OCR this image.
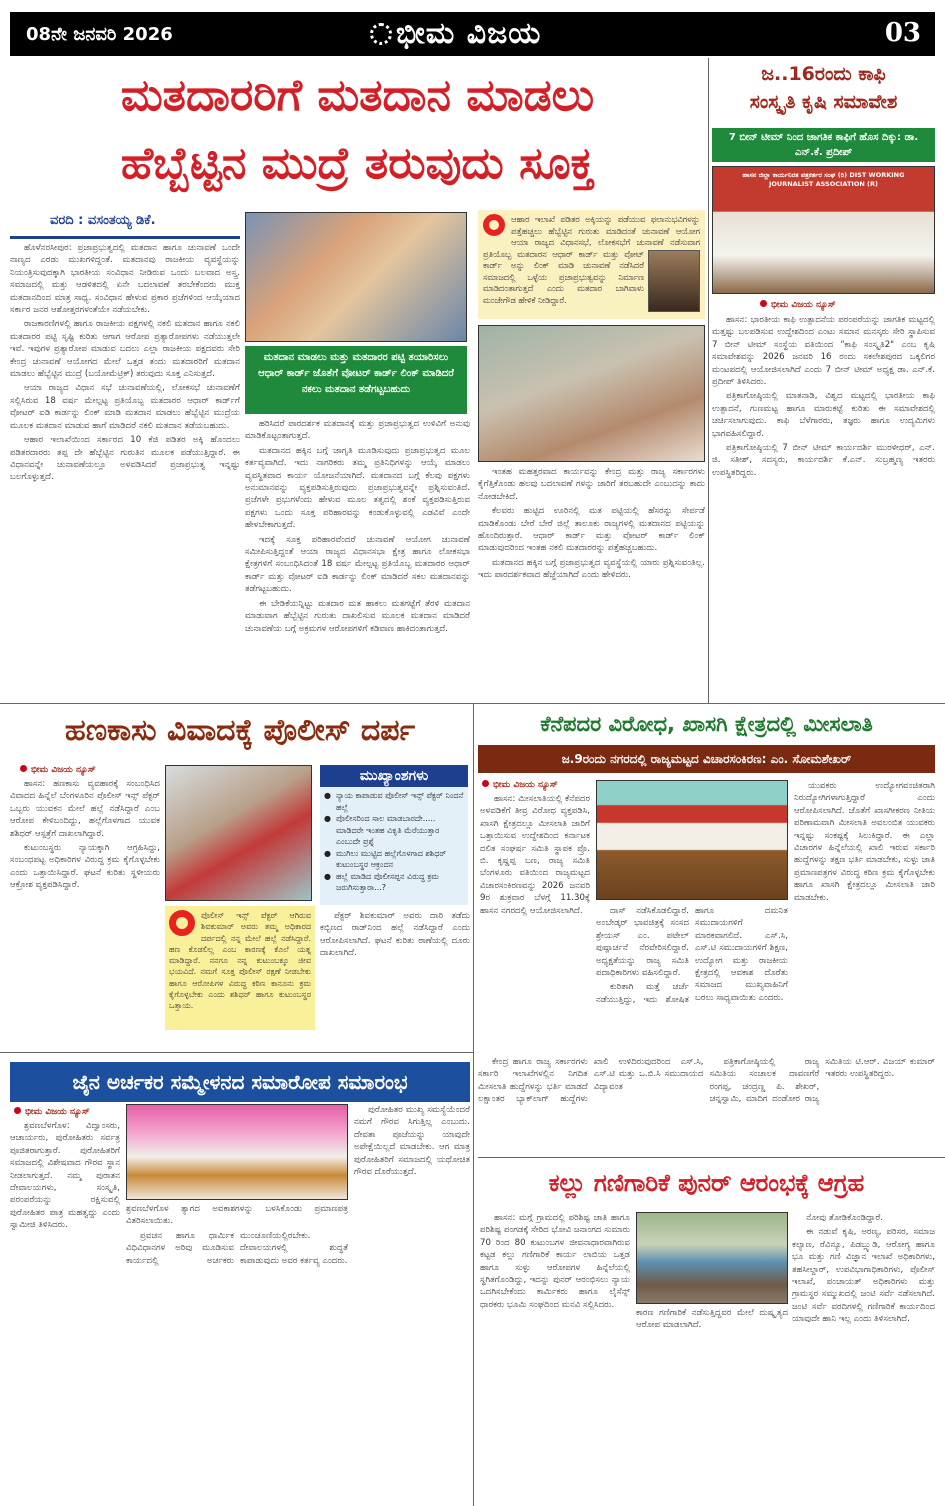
08ನೇ ಜನವರಿ 2026	ಭೀಮ ವಿಜಯ	03
ಮತದಾರರಿಗೆ ಮತದಾನ ಮಾಡಲು
ಹೆಬ್ಬೆಟ್ಟಿನ ಮುದ್ರೆ ತರುವುದು ಸೂಕ್ತ
ವರದಿ : ವಸಂತಯ್ಯ ಡಿಕೆ.

ಹೊಳೆನರಸೀಪುರ: ಪ್ರಜಾಪ್ರಭುತ್ವದಲ್ಲಿ ಮತದಾನ ಹಾಗೂ ಚುನಾವಣೆ ಒಂದೇ ನಾಣ್ಯದ ಎರಡು ಮುಖಗಳಿದ್ದಂತೆ. ಮತದಾನವು ರಾಜಕೀಯ ವ್ಯವಸ್ಥೆಯನ್ನು ನಿಯಂತ್ರಿಸುವುದಕ್ಕಾಗಿ ಭಾರತೀಯ ಸಂವಿಧಾನ ನೀಡಿರುವ ಒಂದು ಬಲವಾದ ಅಸ್ತ್ರ. ಸಮಾಜದಲ್ಲಿ ಮತ್ತು ಆಡಳಿತದಲ್ಲಿ ಏನೇ ಬದಲಾವಣೆ ತರಬೇಕೆಂದರು ಮುಕ್ತ ಮತದಾನದಿಂದ ಮಾತ್ರ ಸಾಧ್ಯ. ಸಂವಿಧಾನ ಹೇಳುವ ಪ್ರಕಾರ ಪ್ರಜೆಗಳಿಂದ ಆಯ್ಕೆಯಾದ ಸರ್ಕಾರ ಜನರ ಆಶೋತ್ತರಗಳಂತೆಯೇ ನಡೆಯಬೇಕು.

ರಾಜಕಾರಣಿಗಳಲ್ಲಿ ಹಾಗೂ ರಾಜಕೀಯ ಪಕ್ಷಗಳಲ್ಲಿ ನಕಲಿ ಮತದಾನ ಹಾಗೂ ನಕಲಿ ಮತದಾರರ ಪಟ್ಟಿ ಸೃಷ್ಟಿ ಕುರಿತು ಆಗಾಗ ಆರೋಪ ಪ್ರತ್ಯಾರೋಪಗಳು ನಡೆಯುತ್ತಲೇ ಇವೆ. ಇವುಗಳ ಪ್ರತ್ಯಾರೋಪ ಮಾಡುವ ಬದಲು ಎಲ್ಲಾ ರಾಜಕೀಯ ಪಕ್ಷದವರು ಸೇರಿ ಕೇಂದ್ರ ಚುನಾವಣೆ ಆಯೋಗದ ಮೇಲೆ ಒತ್ತಡ ತಂದು ಮತದಾರರಿಗೆ ಮತದಾನ ಮಾಡಲು ಹೆಬ್ಬೆಟ್ಟಿನ ಮುದ್ರೆ (ಬಯೋಮೆಟ್ರಿಕ್) ತರುವುದು ಸೂಕ್ತ ಎನಿಸುತ್ತದೆ.

ಆಯಾ ರಾಜ್ಯದ ವಿಧಾನ ಸಭೆ ಚುನಾವಣೆಯಲ್ಲಿ, ಲೋಕಸಭೆ ಚುನಾವಣೆಗೆ ಸಲ್ಲಿಸಿರುವ 18 ವರ್ಷ ಮೇಲ್ಪಟ್ಟ ಪ್ರತಿಯೊಬ್ಬ ಮತದಾರರ ಆಧಾರ್ ಕಾರ್ಡ್‌ಗೆ ವೋಟರ್ ಐಡಿ ಕಾರ್ಡನ್ನು ಲಿಂಕ್ ಮಾಡಿ ಮತದಾನ ಮಾಡಲು ಹೆಬ್ಬೆಟ್ಟಿನ ಮುದ್ರೆಯ ಮೂಲಕ ಮತದಾನ ಮಾಡುವ ಹಾಗೆ ಮಾಡಿದರೆ ನಕಲಿ ಮತದಾನ ತಡೆಯಬಹುದು.

ಆಹಾರ ಇಲಾಖೆಯಿಂದ ಸರ್ಕಾರದ 10 ಕೆಜಿ ಪಡಿತರ ಅಕ್ಕಿ ಹೊಂದಲು ಪಡಿತರದಾರರು ತಪ್ಪ ದೇ ಹೆಬ್ಬೆಟ್ಟಿನ ಗುರುತಿನ ಮೂಲಕ ಪಡೆಯುತ್ತಿದ್ದಾರೆ. ಈ ವಿಧಾನವನ್ನೇ ಚುನಾವಣೆಯಲ್ಲೂ ಅಳವಡಿಸಿದರೆ ಪ್ರಜಾಪ್ರಭುತ್ವ ಇನ್ನಷ್ಟು ಬಲಗೊಳ್ಳುತ್ತದೆ.

ಮತದಾನ ಮಾಡಲು ಮತ್ತು ಮತದಾರರ ಪಟ್ಟಿ ತಯಾರಿಸಲು ಆಧಾರ್ ಕಾರ್ಡ್ ಜೊತೆಗೆ ವೋಟರ್ ಕಾರ್ಡ್ ಲಿಂಕ್ ಮಾಡಿದರೆ ನಕಲು ಮತದಾನ ತಡೆಗಟ್ಟಬಹುದು

ಹರಿಸಿದರೆ ಪಾರದರ್ಶಕ ಮತದಾನಕ್ಕೆ ಮತ್ತು ಪ್ರಜಾಪ್ರಭುತ್ವದ ಉಳಿವಿಗೆ ಅನುವು ಮಾಡಿಕೊಟ್ಟಂತಾಗುತ್ತದೆ.

ಮತದಾನದ ಹಕ್ಕಿನ ಬಗ್ಗೆ ಜಾಗೃತಿ ಮೂಡಿಸುವುದು ಪ್ರಜಾಪ್ರಭುತ್ವದ ಮೂಲ ಕರ್ತವ್ಯವಾಗಿದೆ. ಇದು ನಾಗರಿಕರು ತಮ್ಮ ಪ್ರತಿನಿಧಿಗಳನ್ನು ಆಯ್ಕೆ ಮಾಡಲು ವ್ಯವಸ್ಥಿತವಾದ ಕಾರ್ಯ ಯೋಜನೆಯಾಗಿದೆ. ಮತದಾನದ ಬಗ್ಗೆ ಕೆಲವು ಪಕ್ಷಗಳು ಅನುಮಾನವನ್ನು ವ್ಯಕ್ತಪಡಿಸುತ್ತಿರುವುದು ಪ್ರಜಾಪ್ರಭುತ್ವವನ್ನೇ ಪ್ರಶ್ನಿಸುವಂತಿದೆ. ಪ್ರಜೆಗಳೇ ಪ್ರಭುಗಳೆಂದು ಹೇಳುವ ಮೂಲ ತತ್ವದಲ್ಲಿ ಶಂಕೆ ವ್ಯಕ್ತಪಡಿಸುತ್ತಿರುವ ಪಕ್ಷಗಳು ಒಂದು ಸೂಕ್ತ ಪರಿಹಾರವನ್ನು ಕಂಡುಕೊಳ್ಳುವಲ್ಲಿ ಎಡವಿವೆ ಎಂದೇ ಹೇಳಬೇಕಾಗುತ್ತದೆ.

ಇದಕ್ಕೆ ಸೂಕ್ತ ಪರಿಹಾರವೆಂದರೆ ಚುನಾವಣೆ ಆಯೋಗ ಚುನಾವಣೆ ಸಮೀಪಿಸುತ್ತಿದ್ದಂತೆ ಆಯಾ ರಾಜ್ಯದ ವಿಧಾನಸಭಾ ಕ್ಷೇತ್ರ ಹಾಗೂ ಲೋಕಸಭಾ ಕ್ಷೇತ್ರಗಳಿಗೆ ಸಂಬಂಧಿಸಿದಂತೆ 18 ವರ್ಷ ಮೇಲ್ಪಟ್ಟ ಪ್ರತಿಯೊಬ್ಬ ಮತದಾರರ ಆಧಾರ್ ಕಾರ್ಡ್ ಮತ್ತು ವೋಟರ್ ಐಡಿ ಕಾರ್ಡನ್ನು ಲಿಂಕ್ ಮಾಡಿದರೆ ಸಕಲ ಮತದಾನವನ್ನು ತಡೆಗಟ್ಟಬಹುದು.

ಈ ಬೇಡಿಕೆಯನ್ನಿಟ್ಟು ಮತದಾರ ಮತ ಹಾಕಲು ಮತಗಟ್ಟೆಗೆ ತೆರಳಿ ಮತದಾನ ಮಾಡುವಾಗ ಹೆಬ್ಬೆಟ್ಟಿನ ಗುರುತು ದಾಖಲಿಸುವ ಮೂಲಕ ಮತದಾನ ಮಾಡಿದರೆ ಚುನಾವಣೆಯ ಬಗ್ಗೆ ಅಕ್ರಮಗಳ ಆರೋಪಗಳಿಗೆ ಕಡಿವಾಣ ಹಾಕಿದಂತಾಗುತ್ತದೆ.

ಆಹಾರ ಇಲಾಖೆ ಪಡಿತರ ಅಕ್ಕಿಯನ್ನು ಪಡೆಯುವ ಫಲಾನುಭವಿಗಳನ್ನು ಪತ್ತೆಹಚ್ಚಲು ಹೆಬ್ಬೆಟ್ಟಿನ ಗುರುತು ಮಾಡಿದಂತೆ ಚುನಾವಣೆ ಆಯೋಗ ಆಯಾ ರಾಜ್ಯದ ವಿಧಾನಸಭೆ, ಲೋಕಸಭೆಗೆ ಚುನಾವಣೆ ನಡೆಸುವಾಗ ಪ್ರತಿಯೊಬ್ಬ ಮತದಾರನ ಆಧಾರ್ ಕಾರ್ಡ್ ಮತ್ತು ವೋಟ್ ಕಾರ್ಡ್ ಅನ್ನು ಲಿಂಕ್ ಮಾಡಿ ಚುನಾವಣೆ ನಡೆಸಿದರೆ ಸಮಾಜದಲ್ಲಿ ಒಳ್ಳೆಯ ಪ್ರಜಾಪ್ರಭುತ್ವವನ್ನು ನಿರ್ಮಾಣ ಮಾಡಿದಂತಾಗುತ್ತದೆ ಎಂದು ಮತದಾರ ಬಾಗಿವಾಳು ಮಂಜೇಗೌಡ ಹೇಳಿಕೆ ನೀಡಿದ್ದಾರೆ.

ಇಂತಹ ಮಹತ್ತರವಾದ ಕಾರ್ಯವನ್ನು ಕೇಂದ್ರ ಮತ್ತು ರಾಜ್ಯ ಸರ್ಕಾರಗಳು ಕೈಗೆತ್ತಿಕೊಂಡು ಹಲವು ಬದಲಾವಣೆ ಗಳನ್ನು ಜಾರಿಗೆ ತರಬಹುದೇ ಎಂಬುದನ್ನು ಕಾದು ನೋಡಬೇಕಿದೆ.

ಕೆಲವರು ಹುಟ್ಟಿದ ಊರಿನಲ್ಲಿ ಮತ ಪಟ್ಟಿಯಲ್ಲಿ ಹೆಸರನ್ನು ಸೇರ್ಪಡೆ ಮಾಡಿಕೊಂಡು ಬೇರೆ ಬೇರೆ ಜಿಲ್ಲೆ ತಾಲೂಕು ರಾಜ್ಯಗಳಲ್ಲಿ ಮತದಾನದ ಪಟ್ಟಿಯನ್ನು ಹೊಂದಿರುತ್ತಾರೆ. ಆಧಾರ್ ಕಾರ್ಡ್ ಮತ್ತು ವೋಟರ್ ಕಾರ್ಡ್ ಲಿಂಕ್ ಮಾಡುವುದರಿಂದ ಇಂತಹ ನಕಲಿ ಮತದಾರರನ್ನು ಪತ್ತೆಹಚ್ಚಬಹುದು.

ಮತದಾನದ ಹಕ್ಕಿನ ಬಗ್ಗೆ ಪ್ರಜಾಪ್ರಭುತ್ವದ ವ್ಯವಸ್ಥೆಯಲ್ಲಿ ಯಾರು ಪ್ರಶ್ನಿಸುವಂತಿಲ್ಲ. ಇದು ಪಾರದರ್ಶಕವಾದ ಹೆಜ್ಜೆಯಾಗಿದೆ ಎಂದು ಹೇಳಿದರು.

ಜ..16ರಂದು ಕಾಫಿ
ಸಂಸ್ಕೃತಿ ಕೃಷಿ ಸಮಾವೇಶ
7 ಬೀನ್ ಟೀಮ್ ನಿಂದ ಜಾಗತಿಕ ಕಾಫಿಗೆ ಹೊಸ ದಿಕ್ಕು: ಡಾ. ಎನ್.ಕೆ. ಪ್ರದೀಪ್
ಹಾಸನ ಜಿಲ್ಲಾ ಕಾರ್ಯನಿರತ ಪತ್ರಕರ್ತರ ಸಂಘ (ರಿ) DIST WORKING JOURNALIST ASSOCIATION (R)
ಭೀಮ ವಿಜಯ ನ್ಯೂಸ್

ಹಾಸನ: ಭಾರತೀಯ ಕಾಫಿ ಉತ್ಪಾದನೆಯ ಪರಂಪರೆಯನ್ನು ಜಾಗತಿಕ ಮಟ್ಟದಲ್ಲಿ ಮತ್ತಷ್ಟು ಬಲಪಡಿಸುವ ಉದ್ದೇಶದಿಂದ ಎಂಟು ಸಮಾನ ಮನಸ್ಕರು ಸೇರಿ ಸ್ಥಾಪಿಸುವ 7 ಬೀನ್ ಟೀಮ್ ಸಂಸ್ಥೆಯ ವತಿಯಿಂದ "ಕಾಫಿ ಸಂಸ್ಕೃತಿ2" ಎಂಬ ಕೃಷಿ ಸಮಾವೇಶವನ್ನು 2026 ಜನವರಿ 16 ರಂದು ಸಕಲೇಶಪುರದ ಒಕ್ಕಲಿಗರ ಮಂಟಪದಲ್ಲಿ ಆಯೋಜಿಸಲಾಗಿದೆ ಎಂದು 7 ಬೀನ್ ಟೀಮ್ ಅಧ್ಯಕ್ಷ ಡಾ. ಎನ್.ಕೆ. ಪ್ರದೀಪ್ ತಿಳಿಸಿದರು.

ಪತ್ರಿಕಾಗೋಷ್ಠಿಯಲ್ಲಿ ಮಾತನಾಡಿ, ವಿಶ್ವದ ಮಟ್ಟದಲ್ಲಿ ಭಾರತೀಯ ಕಾಫಿ ಉತ್ಪಾದನೆ, ಗುಣಮಟ್ಟ ಹಾಗೂ ಮಾರುಕಟ್ಟೆ ಕುರಿತು ಈ ಸಮಾವೇಶದಲ್ಲಿ ಚರ್ಚಿಸಲಾಗುವುದು. ಕಾಫಿ ಬೆಳೆಗಾರರು, ತಜ್ಞರು ಹಾಗೂ ಉದ್ಯಮಿಗಳು ಭಾಗವಹಿಸಲಿದ್ದಾರೆ.

ಪತ್ರಿಕಾಗೋಷ್ಠಿಯಲ್ಲಿ 7 ಬೀನ್ ಟೀಮ್ ಕಾರ್ಯದರ್ಶಿ ಮುರಳೀಧರ್, ಎನ್. ಜಿ. ಸತೀಶ್, ಸದಸ್ಯರು, ಕಾರ್ಯದರ್ಶಿ ಕೆ.ಎನ್. ಸುಬ್ರಹ್ಮಣ್ಯ ಇತರರು ಉಪಸ್ಥಿತರಿದ್ದರು.

ಹಣಕಾಸು ವಿವಾದಕ್ಕೆ ಪೊಲೀಸ್ ದರ್ಪ
ಭೀಮ ವಿಜಯ ನ್ಯೂಸ್

ಹಾಸನ: ಹಣಕಾಸು ವ್ಯವಹಾರಕ್ಕೆ ಸಂಬಂಧಿಸಿದ ವಿವಾದದ ಹಿನ್ನೆಲೆ ಬೆಂಗಳೂರಿನ ಪೊಲೀಸ್ ಇನ್ಸ್ ಪೆಕ್ಟರ್ ಒಬ್ಬರು ಯುವಕನ ಮೇಲೆ ಹಲ್ಲೆ ನಡೆಸಿದ್ದಾರೆ ಎಂಬ ಆರೋಪ ಕೇಳಿಬಂದಿದ್ದು, ಹಲ್ಲೆಗೊಳಗಾದ ಯುವಕ ಶಶಿಧರ್ ಆಸ್ಪತ್ರೆಗೆ ದಾಖಲಾಗಿದ್ದಾರೆ.

ಕುಟುಂಬಸ್ಥರು ನ್ಯಾಯಕ್ಕಾಗಿ ಆಗ್ರಹಿಸಿದ್ದು, ಸಂಬಂಧಪಟ್ಟ ಅಧಿಕಾರಿಗಳ ವಿರುದ್ಧ ಕ್ರಮ ಕೈಗೊಳ್ಳಬೇಕು ಎಂದು ಒತ್ತಾಯಿಸಿದ್ದಾರೆ. ಘಟನೆ ಕುರಿತು ಸ್ಥಳೀಯರು ಆಕ್ರೋಶ ವ್ಯಕ್ತಪಡಿಸಿದ್ದಾರೆ.

ಮುಖ್ಯಾಂಶಗಳು
● ನ್ಯಾಯ ಕಾಪಾಡುವ ಪೊಲೀಸ್ ಇನ್ಸ್ ಪೆಕ್ಟರ್ ನಿಂದನೆ ಹಲ್ಲೆ
● ಪೊಲೀಸರಿಂದ ಸಾಲ ಮಾಡಬಾರದೇ..... ಮಾಡಿದರೇ ಇಂತಹ ವಿಕೃತಿ ಮೆರೆಯುತ್ತಾರ ಎಂಬುದೇ ಪ್ರಶ್ನೆ
● ಮುಗಿಲು ಮುಟ್ಟಿದ ಹಲ್ಲೆಗೊಳಗಾದ ಶಶಿಧರ್ ಕುಟುಂಬಸ್ಥರ ಆಕ್ರಂದನ
● ಹಲ್ಲೆ ಮಾಡಿದ ಪೊಲೀಸಪ್ಪನ ವಿರುದ್ಧ ಕ್ರಮ ಜರುಗಿಸುತ್ತಾರಾ...?
ಪೊಲೀಸ್ ಇನ್ಸ್ ಪೆಕ್ಟರ್ ಆಗಿರುವ ಶಿವಕುಮಾರ್ ಅವರು ತಮ್ಮ ಅಧಿಕಾರದ ದರ್ಪದಲ್ಲಿ ನನ್ನ ಮೇಲೆ ಹಲ್ಲೆ ನಡೆಸಿದ್ದಾರೆ. ಹಣ ಕೊಡಲಿಲ್ಲ ಎಂಬ ಕಾರಣಕ್ಕೆ ಕೊಲೆ ಯತ್ನ ಮಾಡಿದ್ದಾರೆ. ನನಗೂ ನನ್ನ ಕುಟುಂಬಕ್ಕೂ ಜೀವ ಭಯವಿದೆ. ನಮಗೆ ಸೂಕ್ತ ಪೊಲೀಸ್ ರಕ್ಷಣೆ ನೀಡಬೇಕು ಹಾಗೂ ಆರೋಪಿಗಳ ವಿರುದ್ಧ ಕಠಿಣ ಕಾನೂನು ಕ್ರಮ ಕೈಗೊಳ್ಳಬೇಕು ಎಂದು ಶಶಿಧರ್ ಹಾಗೂ ಕುಟುಂಬಸ್ಥರ ಒತ್ತಾಯ.

ಪೆಕ್ಟರ್ ಶಿವಕುಮಾರ್ ಅವರು ದಾರಿ ತಡೆದು ಕಬ್ಬಿಣದ ರಾಡ್‌ನಿಂದ ಹಲ್ಲೆ ನಡೆಸಿದ್ದಾರೆ ಎಂದು ಆರೋಪಿಸಲಾಗಿದೆ. ಘಟನೆ ಕುರಿತು ಠಾಣೆಯಲ್ಲಿ ದೂರು ದಾಖಲಾಗಿದೆ.

ಕೆನೆಪದರ ವಿರೋಧ, ಖಾಸಗಿ ಕ್ಷೇತ್ರದಲ್ಲಿ ಮೀಸಲಾತಿ
ಜ.9ರಂದು ನಗರದಲ್ಲಿ ರಾಜ್ಯಮಟ್ಟದ ವಿಚಾರಸಂಕಿರಣ: ಎಂ. ಸೋಮಶೇಖರ್
ಭೀಮ ವಿಜಯ ನ್ಯೂಸ್

ಹಾಸನ: ಮೀಸಲಾತಿಯಲ್ಲಿ ಕೆನೆಪದರ ಅಳವಡಿಕೆಗೆ ತೀವ್ರ ವಿರೋಧ ವ್ಯಕ್ತಪಡಿಸಿ, ಖಾಸಗಿ ಕ್ಷೇತ್ರದಲ್ಲೂ ಮೀಸಲಾತಿ ಜಾರಿಗೆ ಒತ್ತಾಯಿಸುವ ಉದ್ದೇಶದಿಂದ ಕರ್ನಾಟಕ ದಲಿತ ಸಂಘರ್ಷ ಸಮಿತಿ ಸ್ಥಾಪಕ ಪ್ರೊ. ಬಿ. ಕೃಷ್ಣಪ್ಪ ಬಣ, ರಾಜ್ಯ ಸಮಿತಿ ಬೆಂಗಳೂರು ವತಿಯಿಂದ ರಾಜ್ಯಮಟ್ಟದ ವಿಚಾರಸಂಕಿರಣವನ್ನು 2026 ಜನವರಿ 9ರ ಶುಕ್ರವಾರ ಬೆಳಗ್ಗೆ 11.30ಕ್ಕೆ ಹಾಸನ ನಗರದಲ್ಲಿ ಆಯೋಜಿಸಲಾಗಿದೆ.	ದಾಸ್ ನಡೆಸಿಕೊಡಲಿದ್ದಾರೆ. ಅಂಬೇಡ್ಕರ್ ಭಾವಚಿತ್ರಕ್ಕೆ ಸಂಸದ ಶ್ರೇಯಸ್ ಎಂ. ಪಟೇಲ್ ಪುಷ್ಪಾರ್ಚನೆ ನೆರವೇರಿಸಲಿದ್ದಾರೆ. ಅಧ್ಯಕ್ಷತೆಯನ್ನು ರಾಜ್ಯ ಸಮಿತಿ ಪದಾಧಿಕಾರಿಗಳು ವಹಿಸಲಿದ್ದಾರೆ.

ಕುರಿತಾಗಿ ಮತ್ತೆ ಚರ್ಚೆ ನಡೆಯುತ್ತಿದ್ದು, ಇದು ಶೋಷಿತ ಹಾಗೂ ದಮನಿತ ಸಮುದಾಯಗಳಿಗೆ ಮಾರಕವಾಗಲಿದೆ. ಎಸ್.ಸಿ, ಎಸ್.ಟಿ ಸಮುದಾಯಗಳಿಗೆ ಶಿಕ್ಷಣ, ಉದ್ಯೋಗ ಮತ್ತು ರಾಜಕೀಯ ಕ್ಷೇತ್ರದಲ್ಲಿ ಆವಕಾಶ ದೊರೆತು ಸಮಾಜದ ಮುಖ್ಯವಾಹಿನಿಗೆ ಬರಲು ಸಾಧ್ಯವಾಯಿತು ಎಂದರು.

ಯುವಕರು ಉದ್ಯೋಗವಂಚಿತರಾಗಿ ನಿರುದ್ಯೋಗಿಗಳಾಗುತ್ತಿದ್ದಾರೆ ಎಂದು ಆರೋಪಿಸಲಾಗಿದೆ. ಜೊತೆಗೆ ಖಾಸಗೀಕರಣ ನೀತಿಯ ಪರಿಣಾಮವಾಗಿ ಮೀಸಲಾತಿ ಅವಲಂಬಿತ ಯುವಕರು ಇನ್ನಷ್ಟು ಸಂಕಷ್ಟಕ್ಕೆ ಸಿಲುಕಿದ್ದಾರೆ. ಈ ಎಲ್ಲಾ ವಿಚಾರಗಳ ಹಿನ್ನೆಲೆಯಲ್ಲಿ ಖಾಲಿ ಇರುವ ಸರ್ಕಾರಿ ಹುದ್ದೆಗಳನ್ನು ತಕ್ಷಣ ಭರ್ತಿ ಮಾಡಬೇಕು, ಸುಳ್ಳು ಜಾತಿ ಪ್ರಮಾಣಪತ್ರಗಳ ವಿರುದ್ಧ ಕಠಿಣ ಕ್ರಮ ಕೈಗೊಳ್ಳಬೇಕು ಹಾಗೂ ಖಾಸಗಿ ಕ್ಷೇತ್ರದಲ್ಲೂ ಮೀಸಲಾತಿ ಜಾರಿ ಮಾಡಬೇಕು.

ಕೇಂದ್ರ ಹಾಗೂ ರಾಜ್ಯ ಸರ್ಕಾರಗಳು ಸರ್ಕಾರಿ ಇಲಾಖೆಗಳಲ್ಲಿನ ನಿಗದಿತ ಮೀಸಲಾತಿ ಹುದ್ದೆಗಳನ್ನು ಭರ್ತಿ ಮಾಡದೆ ಲಕ್ಷಾಂತರ ಬ್ಯಾಕ್‌ಲಾಗ್ ಹುದ್ದೆಗಳು ಖಾಲಿ ಉಳಿದಿರುವುದರಿಂದ ಎಸ್.ಸಿ, ಎಸ್.ಟಿ ಮತ್ತು ಒ.ಬಿ.ಸಿ ಸಮುದಾಯದ ವಿದ್ಯಾವಂತ

ಪತ್ರಿಕಾಗೋಷ್ಠಿಯಲ್ಲಿ ರಾಜ್ಯ ಸಮಿತಿಯ ಸಂಚಾಲಕ ದಾವಣಗೆರೆ ರಂಗಪ್ಪ, ಚಂದ್ರಣ್ಣ ಪಿ. ಶೇಖರ್, ಚನ್ನಸ್ವಾಮಿ, ಮಾದಿಗ ದಂಡೋರ ರಾಜ್ಯ ಸಮಿತಿಯ ಟಿ.ಆರ್. ವಿಜಯ್ ಕುಮಾರ್ ಇತರರು ಉಪಸ್ಥಿತರಿದ್ದರು.

ಜೈನ ಅರ್ಚಕರ ಸಮ್ಮೇಳನದ ಸಮಾರೋಪ ಸಮಾರಂಭ
ಭೀಮ ವಿಜಯ ನ್ಯೂಸ್

ಶ್ರವಣಬೆಳಗೊಳ: ವಿದ್ವಾಂಸರು, ಆಚಾರ್ಯರು, ಪುರೋಹಿತರು ಸರ್ವತ್ರ ಪೂಜಿತರಾಗುತ್ತಾರೆ. ಪುರೋಹಿತರಿಗೆ ಸಮಾಜದಲ್ಲಿ ವಿಶೇಷವಾದ ಗೌರವ ಸ್ಥಾನ ನೀಡಲಾಗುತ್ತದೆ. ನಮ್ಮ ಪುರಾತನ ದೇವಾಲಯಗಳು, ಸಂಸ್ಕೃತಿ, ಪರಂಪರೆಯನ್ನು ರಕ್ಷಿಸುವಲ್ಲಿ ಪುರೋಹಿತರ ಪಾತ್ರ ಮಹತ್ವದ್ದು ಎಂದು ಸ್ವಾಮೀಜಿ ತಿಳಿಸಿದರು.

ಶ್ರವಣಬೆಳಗೊಳ ತ್ಯಾಗದ ಅವಕಾಶಗಳನ್ನು ಬಳಸಿಕೊಂಡು ಪ್ರಮಾಣಪತ್ರ ವಿತರಿಸಲಾಯಿತು.

ಪ್ರವಚನ ಹಾಗೂ ಧಾರ್ಮಿಕ ವಿಧಿವಿಧಾನಗಳ ಅರಿವು ಮೂಡಿಸುವ ಕಾರ್ಯದಲ್ಲಿ ಅರ್ಚಕರು ಮುಂಚೂಣಿಯಲ್ಲಿರಬೇಕು. ದೇವಾಲಯಗಳಲ್ಲಿ ಶುದ್ಧತೆ ಕಾಪಾಡುವುದು ಅವರ ಕರ್ತವ್ಯ ಎಂದರು.

ಪುರೋಹಿತರ ಮುಖ್ಯ ಸಮಸ್ಯೆಯೆಂದರೆ ನಮಗೆ ಗೌರವ ಸಿಗುತ್ತಿಲ್ಲ ಎಂಬುದು. ದೇವತಾ ಪೂಜೆಯನ್ನು ಯಾವುದೇ ಅಪೇಕ್ಷೆಯಿಲ್ಲದೆ ಮಾಡಬೇಕು. ಆಗ ಮಾತ್ರ ಪುರೋಹಿತರಿಗೆ ಸಮಾಜದಲ್ಲಿ ಯಥೋಚಿತ ಗೌರವ ದೊರೆಯುತ್ತದೆ.	ಕಲ್ಲು ಗಣಿಗಾರಿಕೆ ಪುನರ್ ಆರಂಭಕ್ಕೆ ಆಗ್ರಹ

ಹಾಸನ: ಮಗ್ಗೆ ಗ್ರಾಮದಲ್ಲಿ ಪರಿಶಿಷ್ಟ ಜಾತಿ ಹಾಗೂ ಪರಿಶಿಷ್ಟ ಪಂಗಡಕ್ಕೆ ಸೇರಿದ ಭೋವಿ ಜನಾಂಗದ ಸುಮಾರು 70 ರಿಂದ 80 ಕುಟುಂಬಗಳ ಜೀವನಾಧಾರವಾಗಿರುವ ಕಟ್ಟಡ ಕಲ್ಲು ಗಣಿಗಾರಿಕೆ ಕಾರ್ಯ ಲಾಬಿಯ ಒತ್ತಡ ಹಾಗೂ ಸುಳ್ಳು ಆರೋಪಗಳ ಹಿನ್ನೆಲೆಯಲ್ಲಿ ಸ್ಥಗಿತಗೊಂಡಿದ್ದು, ಇದನ್ನು ಪುನರ್ ಆರಂಭಿಸಲು ನ್ಯಾಯ ಒದಗಿಸಬೇಕೆಂದು ಕಾರ್ಮಿಕರು ಹಾಗೂ ಲೈಸೆನ್ಸ್ ಧಾರಕರು ಭೂಮಿ ಸಂಘದಿಂದ ಮನವಿ ಸಲ್ಲಿಸಿದರು.

ಕಾರಣ ಗಣಿಗಾರಿಕೆ ನಡೆಸುತ್ತಿದ್ದವರ ಮೇಲೆ ದುಷ್ಕೃತ್ಯದ ಆರೋಪ ಮಾಡಲಾಗಿದೆ.

ನೋವು ತೋಡಿಕೊಂಡಿದ್ದಾರೆ.

ಈ ನಡುವೆ ಕೃಷಿ, ಅರಣ್ಯ, ಪರಿಸರ, ಸಮಾಜ ಕಲ್ಯಾಣ, ರೆವಿನ್ಯೂ, ಪಿಡಬ್ಲ್ಯುಡಿ, ಆರೋಗ್ಯ ಹಾಗೂ ಭೂ ಮತ್ತು ಗಣಿ ವಿಜ್ಞಾನ ಇಲಾಖೆ ಅಧಿಕಾರಿಗಳು, ತಹಸೀಲ್ದಾರ್, ಉಪವಿಭಾಗಾಧಿಕಾರಿಗಳು, ಪೊಲೀಸ್ ಇಲಾಖೆ, ಪಂಚಾಯತ್ ಅಧಿಕಾರಿಗಳು ಮತ್ತು ಗ್ರಾಮಸ್ಥರ ಸಮ್ಮುಖದಲ್ಲಿ ಜಂಟಿ ಸರ್ವೆ ನಡೆಸಲಾಗಿದೆ. ಜಂಟಿ ಸರ್ವೆ ವರದಿಗಳಲ್ಲಿ ಗಣಿಗಾರಿಕೆ ಕಾರ್ಯದಿಂದ ಯಾವುದೇ ಹಾನಿ ಇಲ್ಲ ಎಂದು ತಿಳಿಸಲಾಗಿದೆ.
